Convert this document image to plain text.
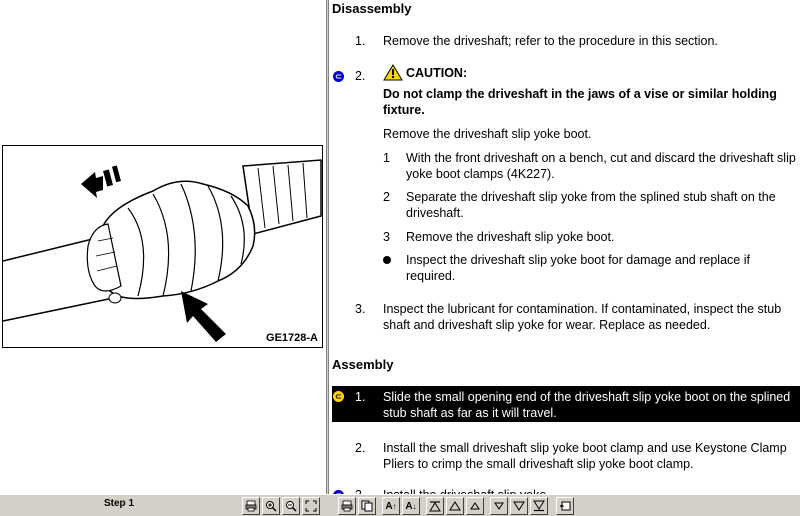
GE1728-A
Disassembly
1. Remove the driveshaft; refer to the procedure in this section.
⊂ 2.	CAUTION:
Do not clamp the driveshaft in the jaws of a vise or similar holding fixture.
Remove the driveshaft slip yoke boot.
1 With the front driveshaft on a bench, cut and discard the driveshaft slip yoke boot clamps (4K227).
2 Separate the driveshaft slip yoke from the splined stub shaft on the driveshaft.
3 Remove the driveshaft slip yoke boot.
Inspect the driveshaft slip yoke boot for damage and replace if required.
3. Inspect the lubricant for contamination. If contaminated, inspect the stub shaft and driveshaft slip yoke for wear. Replace as needed.
Assembly
⊂ 1. Slide the small opening end of the driveshaft slip yoke boot on the splined stub shaft as far as it will travel.
2. Install the small driveshaft slip yoke boot clamp and use Keystone Clamp Pliers to crimp the small driveshaft slip yoke boot clamp.
Step 1	A ↑ A ↓
